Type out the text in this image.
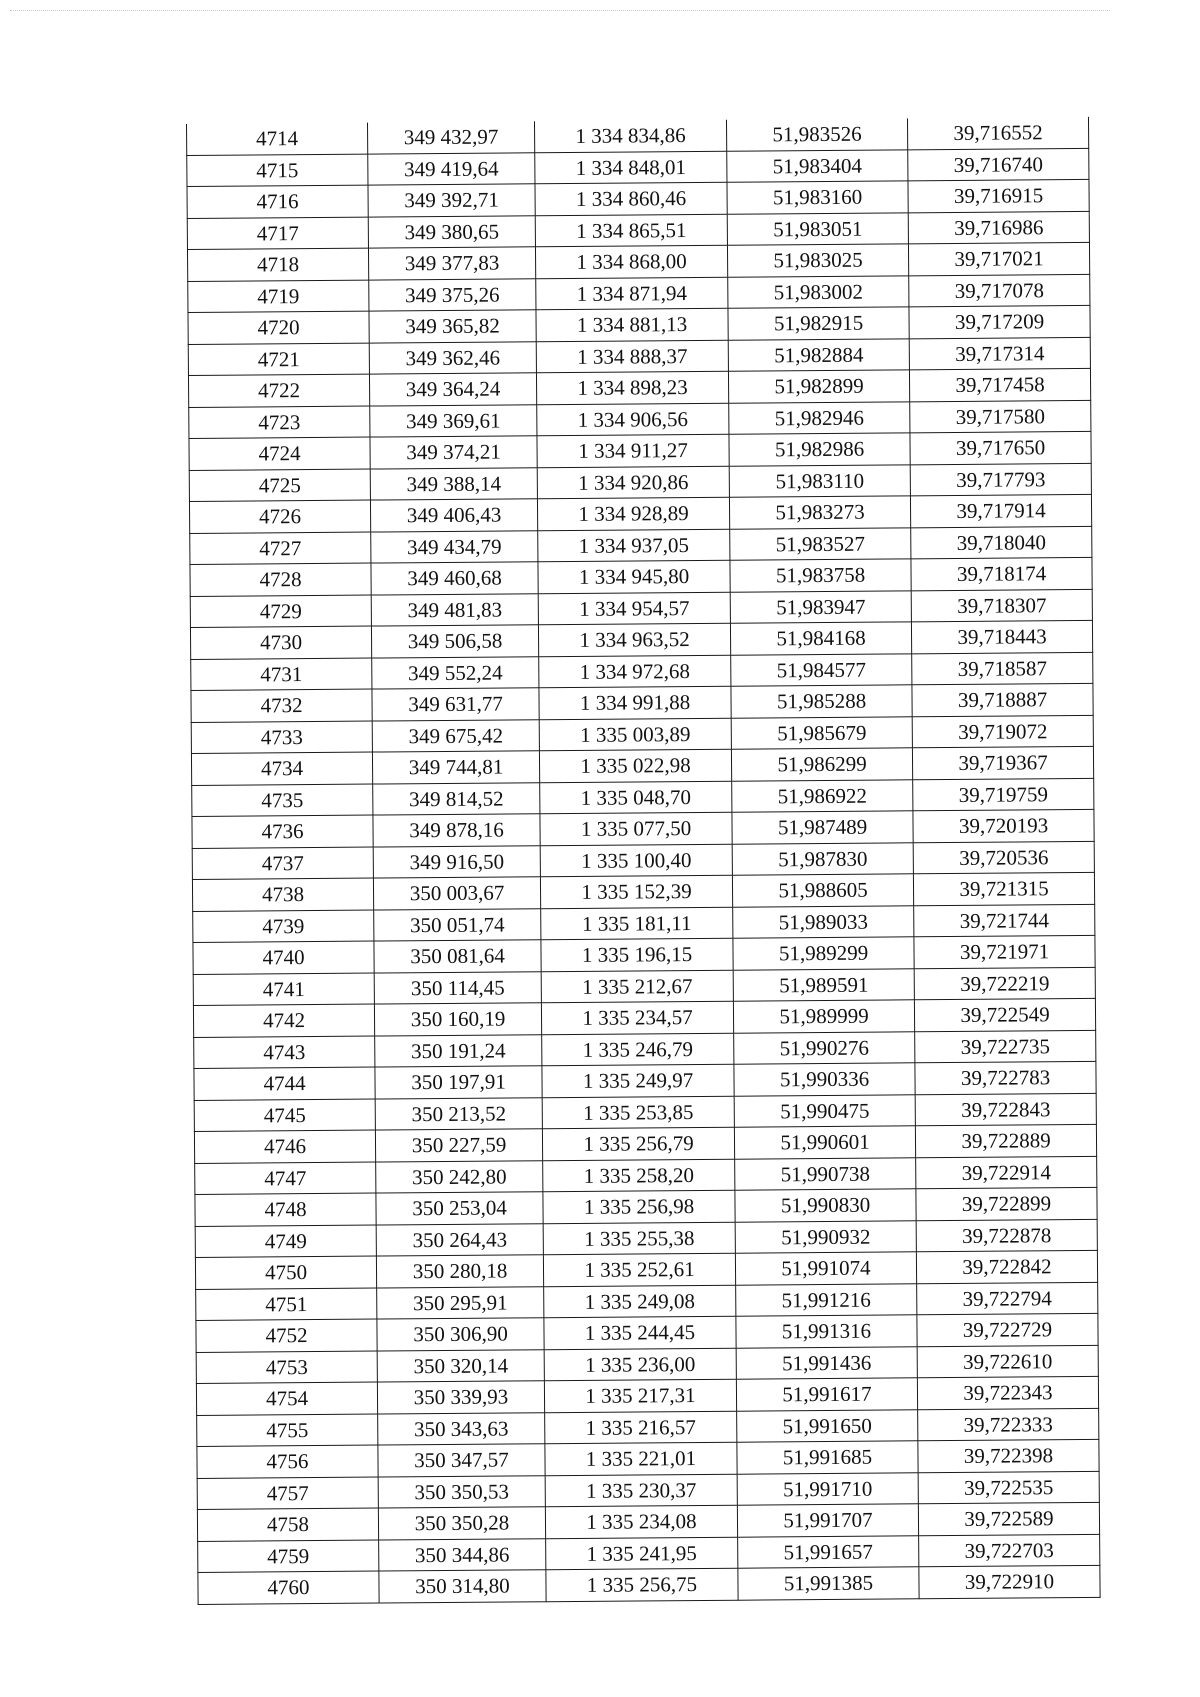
4714	349 432,97	1 334 834,86	51,983526	39,716552
4715	349 419,64	1 334 848,01	51,983404	39,716740
4716	349 392,71	1 334 860,46	51,983160	39,716915
4717	349 380,65	1 334 865,51	51,983051	39,716986
4718	349 377,83	1 334 868,00	51,983025	39,717021
4719	349 375,26	1 334 871,94	51,983002	39,717078
4720	349 365,82	1 334 881,13	51,982915	39,717209
4721	349 362,46	1 334 888,37	51,982884	39,717314
4722	349 364,24	1 334 898,23	51,982899	39,717458
4723	349 369,61	1 334 906,56	51,982946	39,717580
4724	349 374,21	1 334 911,27	51,982986	39,717650
4725	349 388,14	1 334 920,86	51,983110	39,717793
4726	349 406,43	1 334 928,89	51,983273	39,717914
4727	349 434,79	1 334 937,05	51,983527	39,718040
4728	349 460,68	1 334 945,80	51,983758	39,718174
4729	349 481,83	1 334 954,57	51,983947	39,718307
4730	349 506,58	1 334 963,52	51,984168	39,718443
4731	349 552,24	1 334 972,68	51,984577	39,718587
4732	349 631,77	1 334 991,88	51,985288	39,718887
4733	349 675,42	1 335 003,89	51,985679	39,719072
4734	349 744,81	1 335 022,98	51,986299	39,719367
4735	349 814,52	1 335 048,70	51,986922	39,719759
4736	349 878,16	1 335 077,50	51,987489	39,720193
4737	349 916,50	1 335 100,40	51,987830	39,720536
4738	350 003,67	1 335 152,39	51,988605	39,721315
4739	350 051,74	1 335 181,11	51,989033	39,721744
4740	350 081,64	1 335 196,15	51,989299	39,721971
4741	350 114,45	1 335 212,67	51,989591	39,722219
4742	350 160,19	1 335 234,57	51,989999	39,722549
4743	350 191,24	1 335 246,79	51,990276	39,722735
4744	350 197,91	1 335 249,97	51,990336	39,722783
4745	350 213,52	1 335 253,85	51,990475	39,722843
4746	350 227,59	1 335 256,79	51,990601	39,722889
4747	350 242,80	1 335 258,20	51,990738	39,722914
4748	350 253,04	1 335 256,98	51,990830	39,722899
4749	350 264,43	1 335 255,38	51,990932	39,722878
4750	350 280,18	1 335 252,61	51,991074	39,722842
4751	350 295,91	1 335 249,08	51,991216	39,722794
4752	350 306,90	1 335 244,45	51,991316	39,722729
4753	350 320,14	1 335 236,00	51,991436	39,722610
4754	350 339,93	1 335 217,31	51,991617	39,722343
4755	350 343,63	1 335 216,57	51,991650	39,722333
4756	350 347,57	1 335 221,01	51,991685	39,722398
4757	350 350,53	1 335 230,37	51,991710	39,722535
4758	350 350,28	1 335 234,08	51,991707	39,722589
4759	350 344,86	1 335 241,95	51,991657	39,722703
4760	350 314,80	1 335 256,75	51,991385	39,722910
